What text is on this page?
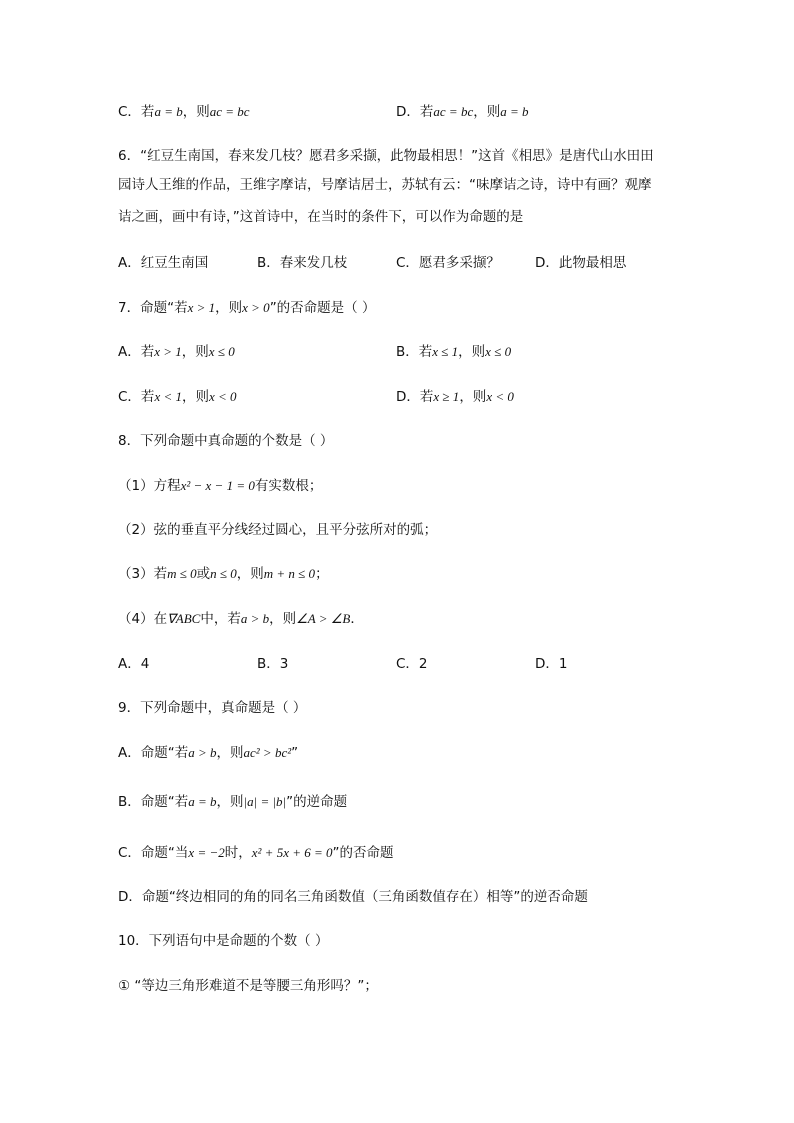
C．若a = b，则ac = bc	D．若ac = bc，则a = b
6．“红豆生南国，春来发几枝？愿君多采撷，此物最相思！”这首《相思》是唐代山水田田
园诗人王维的作品，王维字摩诘，号摩诘居士，苏轼有云：“味摩诘之诗，诗中有画？观摩
诘之画，画中有诗，”这首诗中，在当时的条件下，可以作为命题的是
A．红豆生南国	B．春来发几枝	C．愿君多采撷？	D．此物最相思
7．命题“若x > 1，则x > 0”的否命题是（ ）
A．若x > 1，则x ≤ 0	B．若x ≤ 1，则x ≤ 0
C．若x < 1，则x < 0	D．若x ≥ 1，则x < 0
8．下列命题中真命题的个数是（ ）
（1）方程x² − x − 1 = 0有实数根；
（2）弦的垂直平分线经过圆心，且平分弦所对的弧；
（3）若m ≤ 0或n ≤ 0，则m + n ≤ 0；
（4）在∇ABC中，若a > b，则∠A > ∠B．
A．4	B．3	C．2	D．1
9．下列命题中，真命题是（ ）
A．命题“若a > b，则ac² > bc²”
B．命题“若a = b，则|a| = |b|”的逆命题
C．命题“当x = −2时，x² + 5x + 6 = 0”的否命题
D．命题“终边相同的角的同名三角函数值（三角函数值存在）相等”的逆否命题
10．下列语句中是命题的个数（ ）
① “等边三角形难道不是等腰三角形吗？”；
